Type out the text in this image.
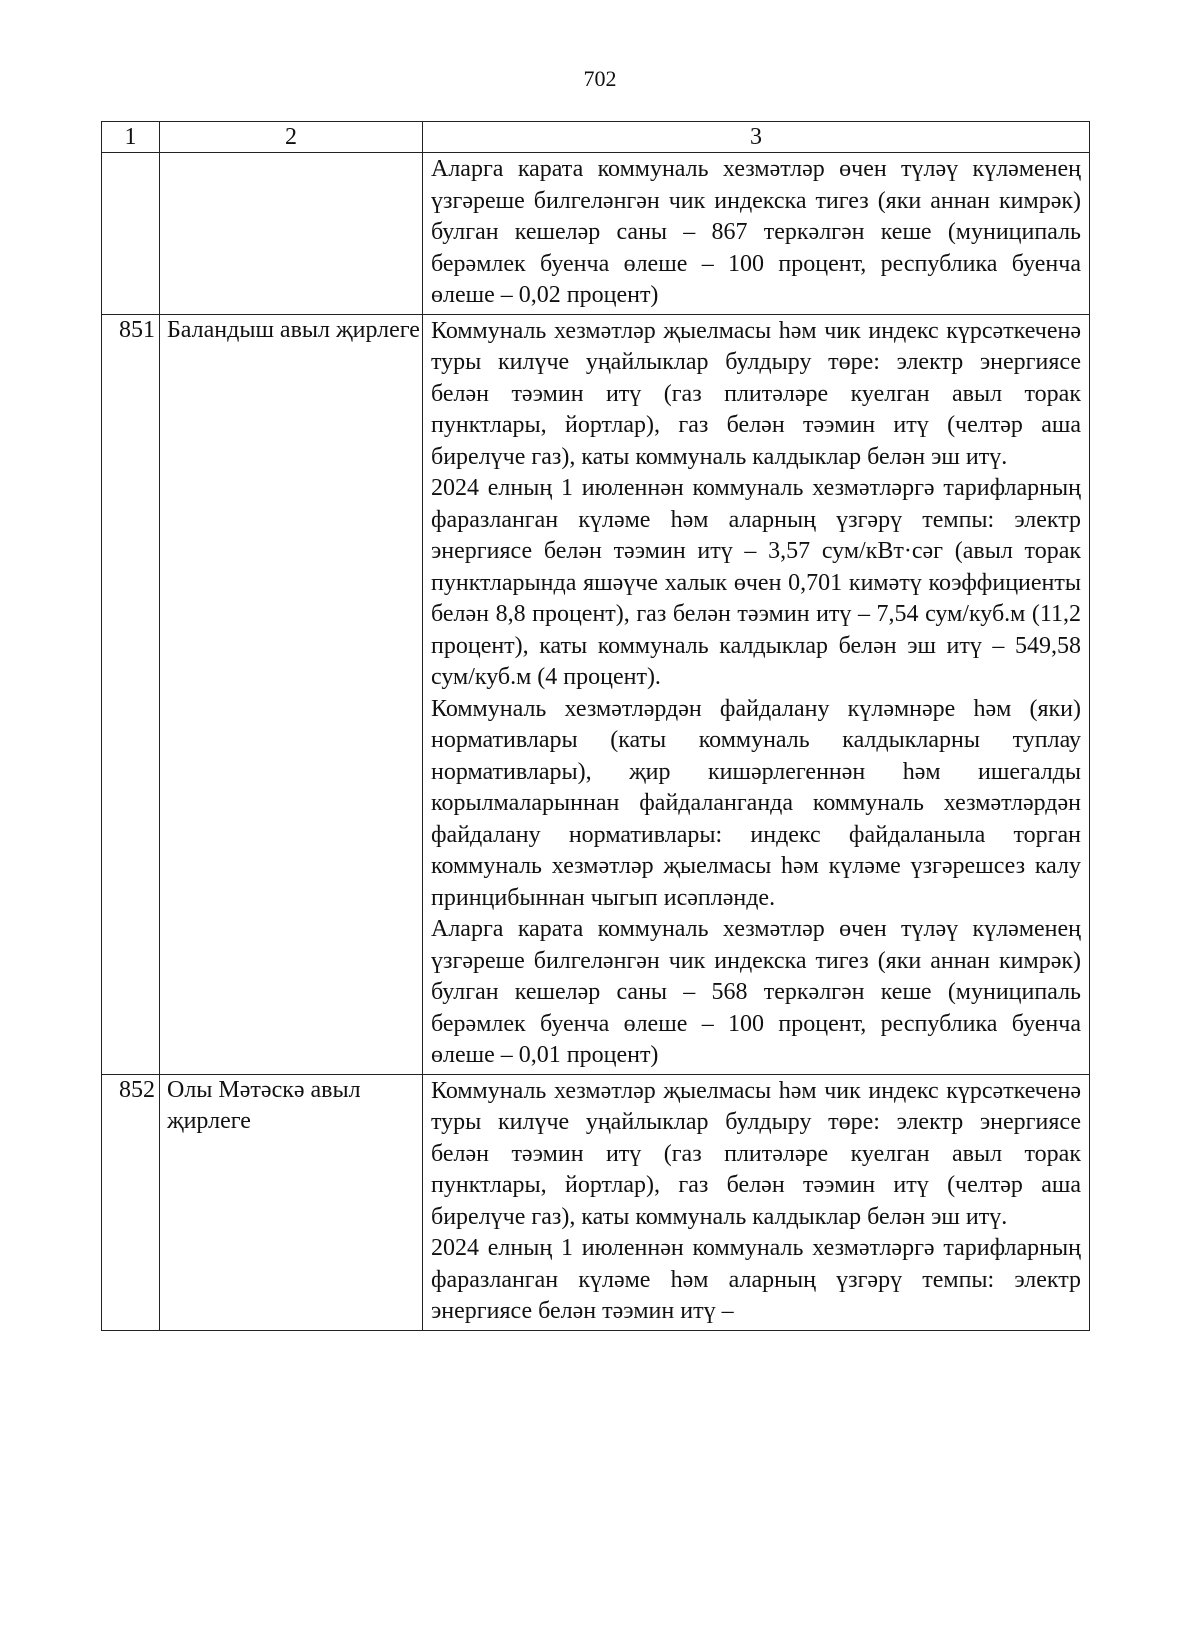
702
1	2	3

		Аларга карата коммуналь хезмәтләр өчен түләү күләменең үзгәреше билгеләнгән чик индекска тигез (яки аннан кимрәк) булган кешеләр саны – 867 теркәлгән кеше (муниципаль берәмлек буенча өлеше – 100 процент, республика буенча өлеше – 0,02 процент)

851	Баландыш авыл җирлеге	Коммуналь хезмәтләр җыелмасы һәм чик индекс күрсәткеченә туры килүче уңайлыклар булдыру төре: электр энергиясе белән тәэмин итү (газ плитәләре куелган авыл торак пунктлары, йортлар), газ белән тәэмин итү (челтәр аша бирелүче газ), каты коммуналь калдыклар белән эш итү.

2024 елның 1 июленнән коммуналь хезмәтләргә тарифларның фаразланган күләме һәм аларның үзгәрү темпы: электр энергиясе белән тәэмин итү – 3,57 сум/кВт·сәг (авыл торак пунктларында яшәүче халык өчен 0,701 кимәтү коэффициенты белән 8,8 процент), газ белән тәэмин итү – 7,54 сум/куб.м (11,2 процент), каты коммуналь калдыклар белән эш итү – 549,58 сум/куб.м (4 процент).

Коммуналь хезмәтләрдән файдалану күләмнәре һәм (яки) нормативлары (каты коммуналь калдыкларны туплау нормативлары), җир кишәрлегеннән һәм ишегалды корылмаларыннан файдаланганда коммуналь хезмәтләрдән файдалану нормативлары: индекс файдаланыла торган коммуналь хезмәтләр җыелмасы һәм күләме үзгәрешсез калу принцибыннан чыгып исәпләнде.

Аларга карата коммуналь хезмәтләр өчен түләү күләменең үзгәреше билгеләнгән чик индекска тигез (яки аннан кимрәк) булган кешеләр саны – 568 теркәлгән кеше (муниципаль берәмлек буенча өлеше – 100 процент, республика буенча өлеше – 0,01 процент)

852	Олы Мәтәскә авыл җирлеге	Коммуналь хезмәтләр җыелмасы һәм чик индекс күрсәткеченә туры килүче уңайлыклар булдыру төре: электр энергиясе белән тәэмин итү (газ плитәләре куелган авыл торак пунктлары, йортлар), газ белән тәэмин итү (челтәр аша бирелүче газ), каты коммуналь калдыклар белән эш итү.

2024 елның 1 июленнән коммуналь хезмәтләргә тарифларның фаразланган күләме һәм аларның үзгәрү темпы: электр энергиясе белән тәэмин итү –
